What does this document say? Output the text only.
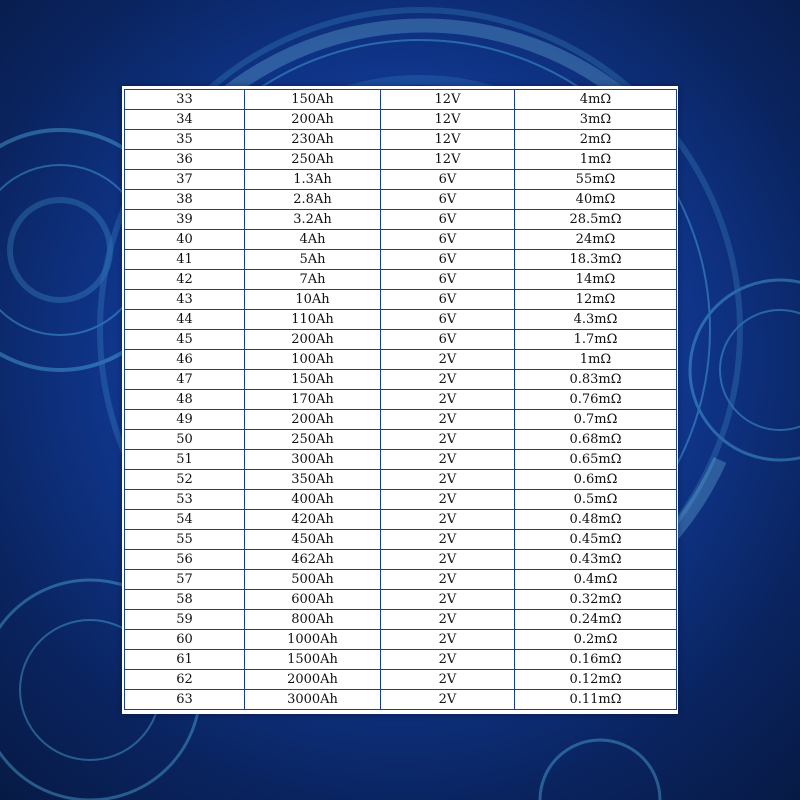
33	150Ah	12V	4mΩ
34	200Ah	12V	3mΩ
35	230Ah	12V	2mΩ
36	250Ah	12V	1mΩ
37	1.3Ah	6V	55mΩ
38	2.8Ah	6V	40mΩ
39	3.2Ah	6V	28.5mΩ
40	4Ah	6V	24mΩ
41	5Ah	6V	18.3mΩ
42	7Ah	6V	14mΩ
43	10Ah	6V	12mΩ
44	110Ah	6V	4.3mΩ
45	200Ah	6V	1.7mΩ
46	100Ah	2V	1mΩ
47	150Ah	2V	0.83mΩ
48	170Ah	2V	0.76mΩ
49	200Ah	2V	0.7mΩ
50	250Ah	2V	0.68mΩ
51	300Ah	2V	0.65mΩ
52	350Ah	2V	0.6mΩ
53	400Ah	2V	0.5mΩ
54	420Ah	2V	0.48mΩ
55	450Ah	2V	0.45mΩ
56	462Ah	2V	0.43mΩ
57	500Ah	2V	0.4mΩ
58	600Ah	2V	0.32mΩ
59	800Ah	2V	0.24mΩ
60	1000Ah	2V	0.2mΩ
61	1500Ah	2V	0.16mΩ
62	2000Ah	2V	0.12mΩ
63	3000Ah	2V	0.11mΩ
